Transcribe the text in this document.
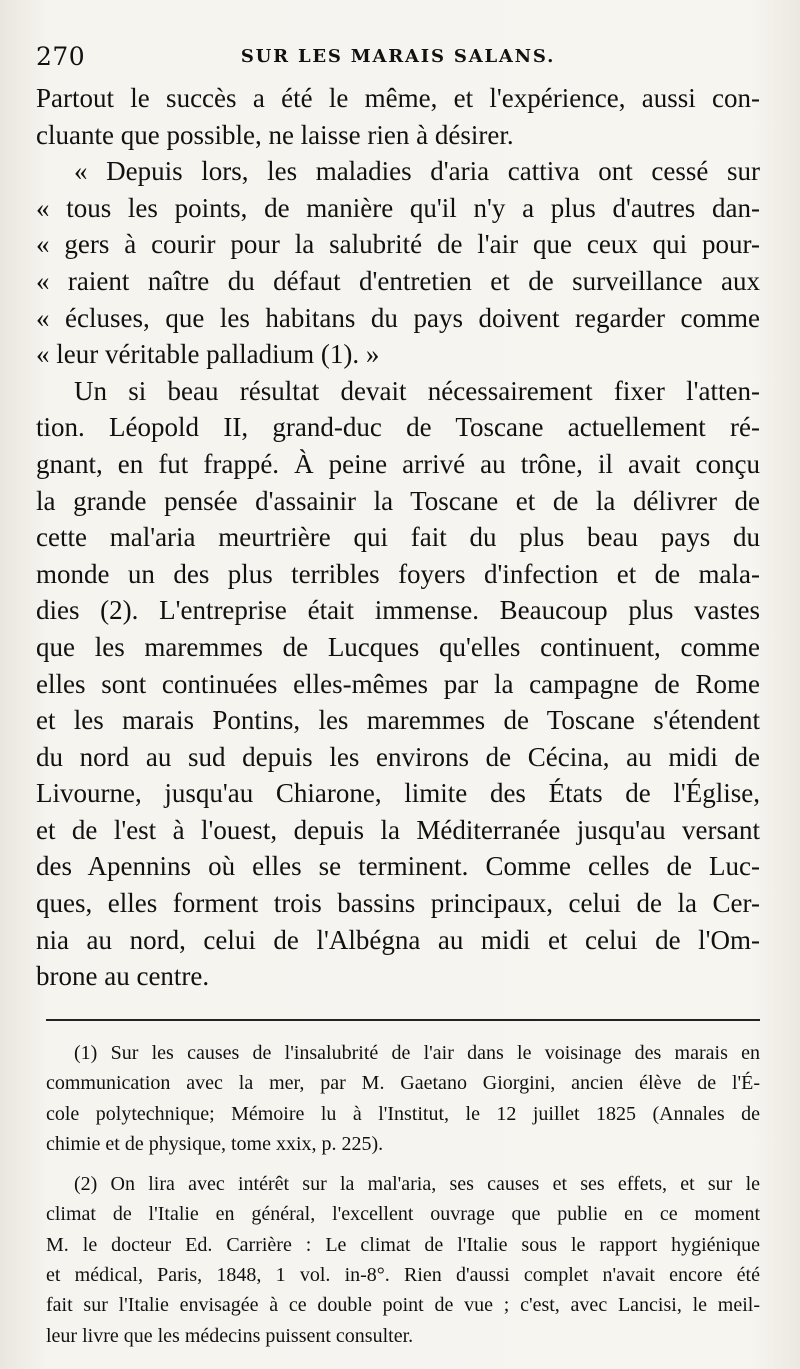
270	SUR LES MARAIS SALANS.
Partout le succès a été le même, et l'expérience, aussi con-
cluante que possible, ne laisse rien à désirer.
« Depuis lors, les maladies d'aria cattiva ont cessé sur
« tous les points, de manière qu'il n'y a plus d'autres dan-
« gers à courir pour la salubrité de l'air que ceux qui pour-
« raient naître du défaut d'entretien et de surveillance aux
« écluses, que les habitans du pays doivent regarder comme
« leur véritable palladium (1). »
Un si beau résultat devait nécessairement fixer l'atten-
tion. Léopold II, grand-duc de Toscane actuellement ré-
gnant, en fut frappé. À peine arrivé au trône, il avait conçu
la grande pensée d'assainir la Toscane et de la délivrer de
cette mal'aria meurtrière qui fait du plus beau pays du
monde un des plus terribles foyers d'infection et de mala-
dies (2). L'entreprise était immense. Beaucoup plus vastes
que les maremmes de Lucques qu'elles continuent, comme
elles sont continuées elles-mêmes par la campagne de Rome
et les marais Pontins, les maremmes de Toscane s'étendent
du nord au sud depuis les environs de Cécina, au midi de
Livourne, jusqu'au Chiarone, limite des États de l'Église,
et de l'est à l'ouest, depuis la Méditerranée jusqu'au versant
des Apennins où elles se terminent. Comme celles de Luc-
ques, elles forment trois bassins principaux, celui de la Cer-
nia au nord, celui de l'Albégna au midi et celui de l'Om-
brone au centre.
(1) Sur les causes de l'insalubrité de l'air dans le voisinage des marais en
communication avec la mer, par M. Gaetano Giorgini, ancien élève de l'É-
cole polytechnique; Mémoire lu à l'Institut, le 12 juillet 1825 (Annales de
chimie et de physique, tome xxix, p. 225).
(2) On lira avec intérêt sur la mal'aria, ses causes et ses effets, et sur le
climat de l'Italie en général, l'excellent ouvrage que publie en ce moment
M. le docteur Ed. Carrière : Le climat de l'Italie sous le rapport hygiénique
et médical, Paris, 1848, 1 vol. in-8°. Rien d'aussi complet n'avait encore été
fait sur l'Italie envisagée à ce double point de vue ; c'est, avec Lancisi, le meil-
leur livre que les médecins puissent consulter.
